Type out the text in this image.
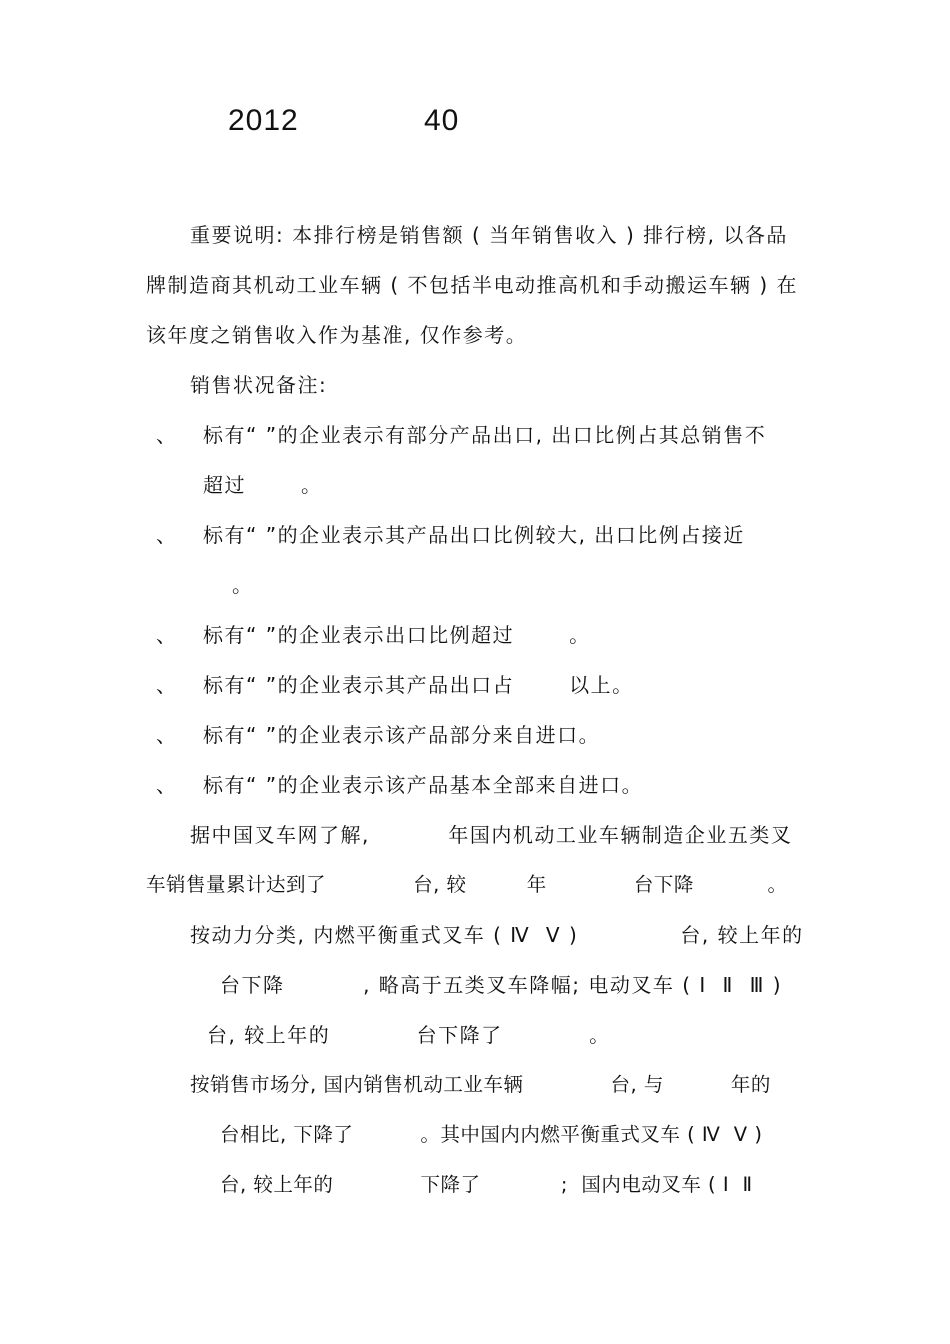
2012	40
重要说明: 本排行榜是销售额 ( 当年销售收入 ) 排行榜, 以各品
牌制造商其机动工业车辆 ( 不包括半电动推高机和手动搬运车辆 ) 在
该年度之销售收入作为基准, 仅作参考。
销售状况备注:
、 标有“ ”的企业表示有部分产品出口, 出口比例占其总销售不
超过       。
、 标有“ ”的企业表示其产品出口比例较大, 出口比例占接近
。
、 标有“ ”的企业表示出口比例超过       。
、 标有“ ”的企业表示其产品出口占       以上。
、 标有“ ”的企业表示该产品部分来自进口。
、 标有“ ”的企业表示该产品基本全部来自进口。
据中国叉车网了解,          年国内机动工业车辆制造企业五类叉
车销售量累计达到了             台, 较         年             台下降           。
按动力分类, 内燃平衡重式叉车 ( Ⅳ  Ⅴ )             台, 较上年的
台下降          , 略高于五类叉车降幅; 电动叉车 ( Ⅰ  Ⅱ  Ⅲ )
台, 较上年的           台下降了           。
按销售市场分, 国内销售机动工业车辆             台, 与          年的
台相比, 下降了          。其中国内内燃平衡重式叉车 ( Ⅳ  Ⅴ )
台, 较上年的             下降了            ;  国内电动叉车 ( Ⅰ  Ⅱ
